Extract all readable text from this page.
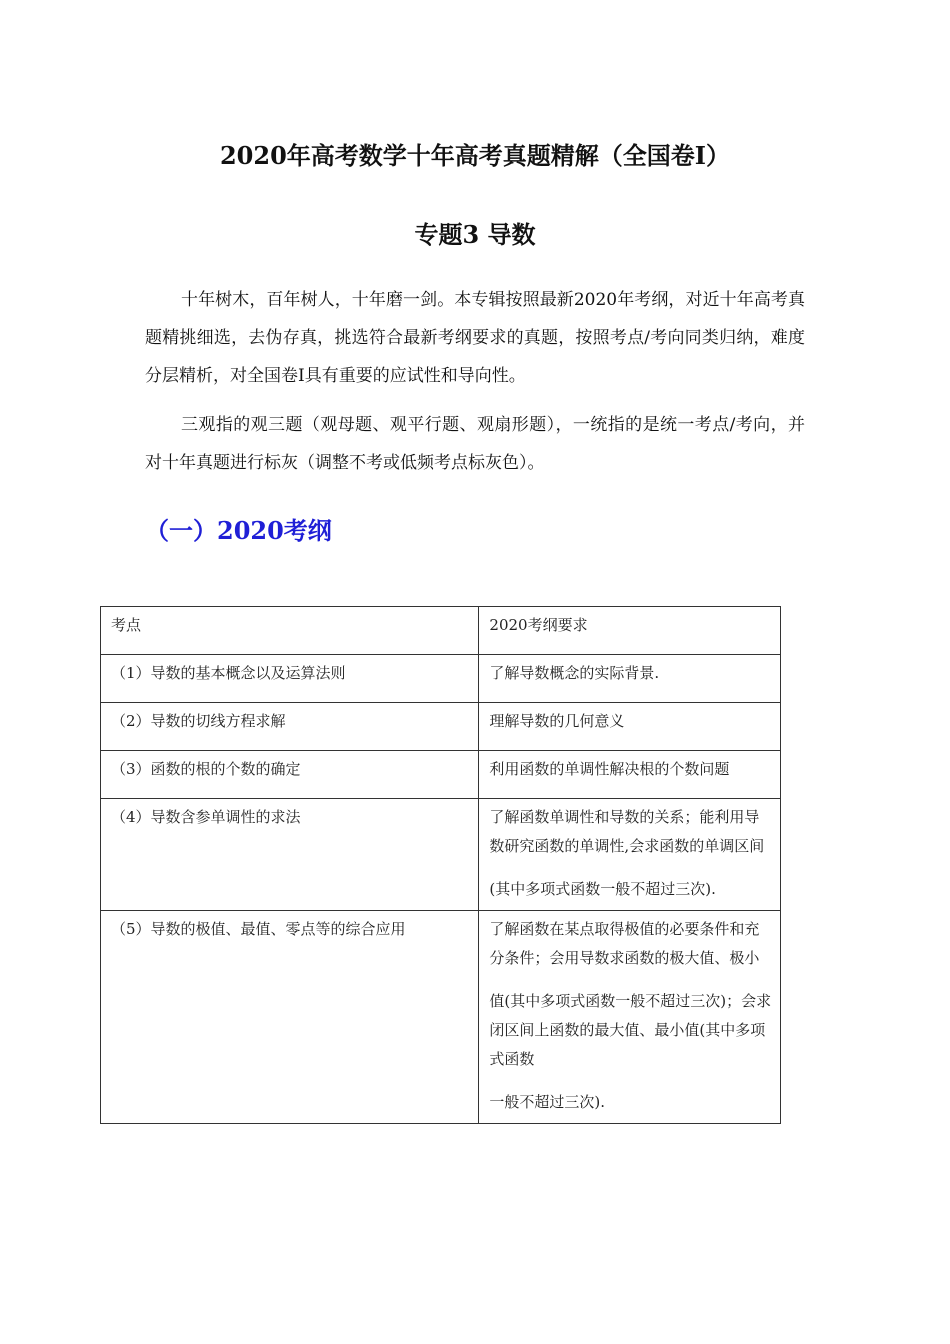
2020年高考数学十年高考真题精解（全国卷I）
专题3 导数
十年树木，百年树人，十年磨一剑。本专辑按照最新2020年考纲，对近十年高考真题精挑细选，去伪存真，挑选符合最新考纲要求的真题，按照考点/考向同类归纳，难度分层精析，对全国卷Ⅰ具有重要的应试性和导向性。
三观指的观三题（观母题、观平行题、观扇形题），一统指的是统一考点/考向，并对十年真题进行标灰（调整不考或低频考点标灰色）。
（一）2020考纲
考点	2020考纲要求
（1）导数的基本概念以及运算法则	了解导数概念的实际背景.

（2）导数的切线方程求解	理解导数的几何意义

（3）函数的根的个数的确定	利用函数的单调性解决根的个数问题

（4）导数含参单调性的求法	了解函数单调性和导数的关系；能利用导数研究函数的单调性,会求函数的单调区间

(其中多项式函数一般不超过三次).

（5）导数的极值、最值、零点等的综合应用	了解函数在某点取得极值的必要条件和充分条件；会用导数求函数的极大值、极小

值(其中多项式函数一般不超过三次)；会求闭区间上函数的最大值、最小值(其中多项式函数

一般不超过三次).
